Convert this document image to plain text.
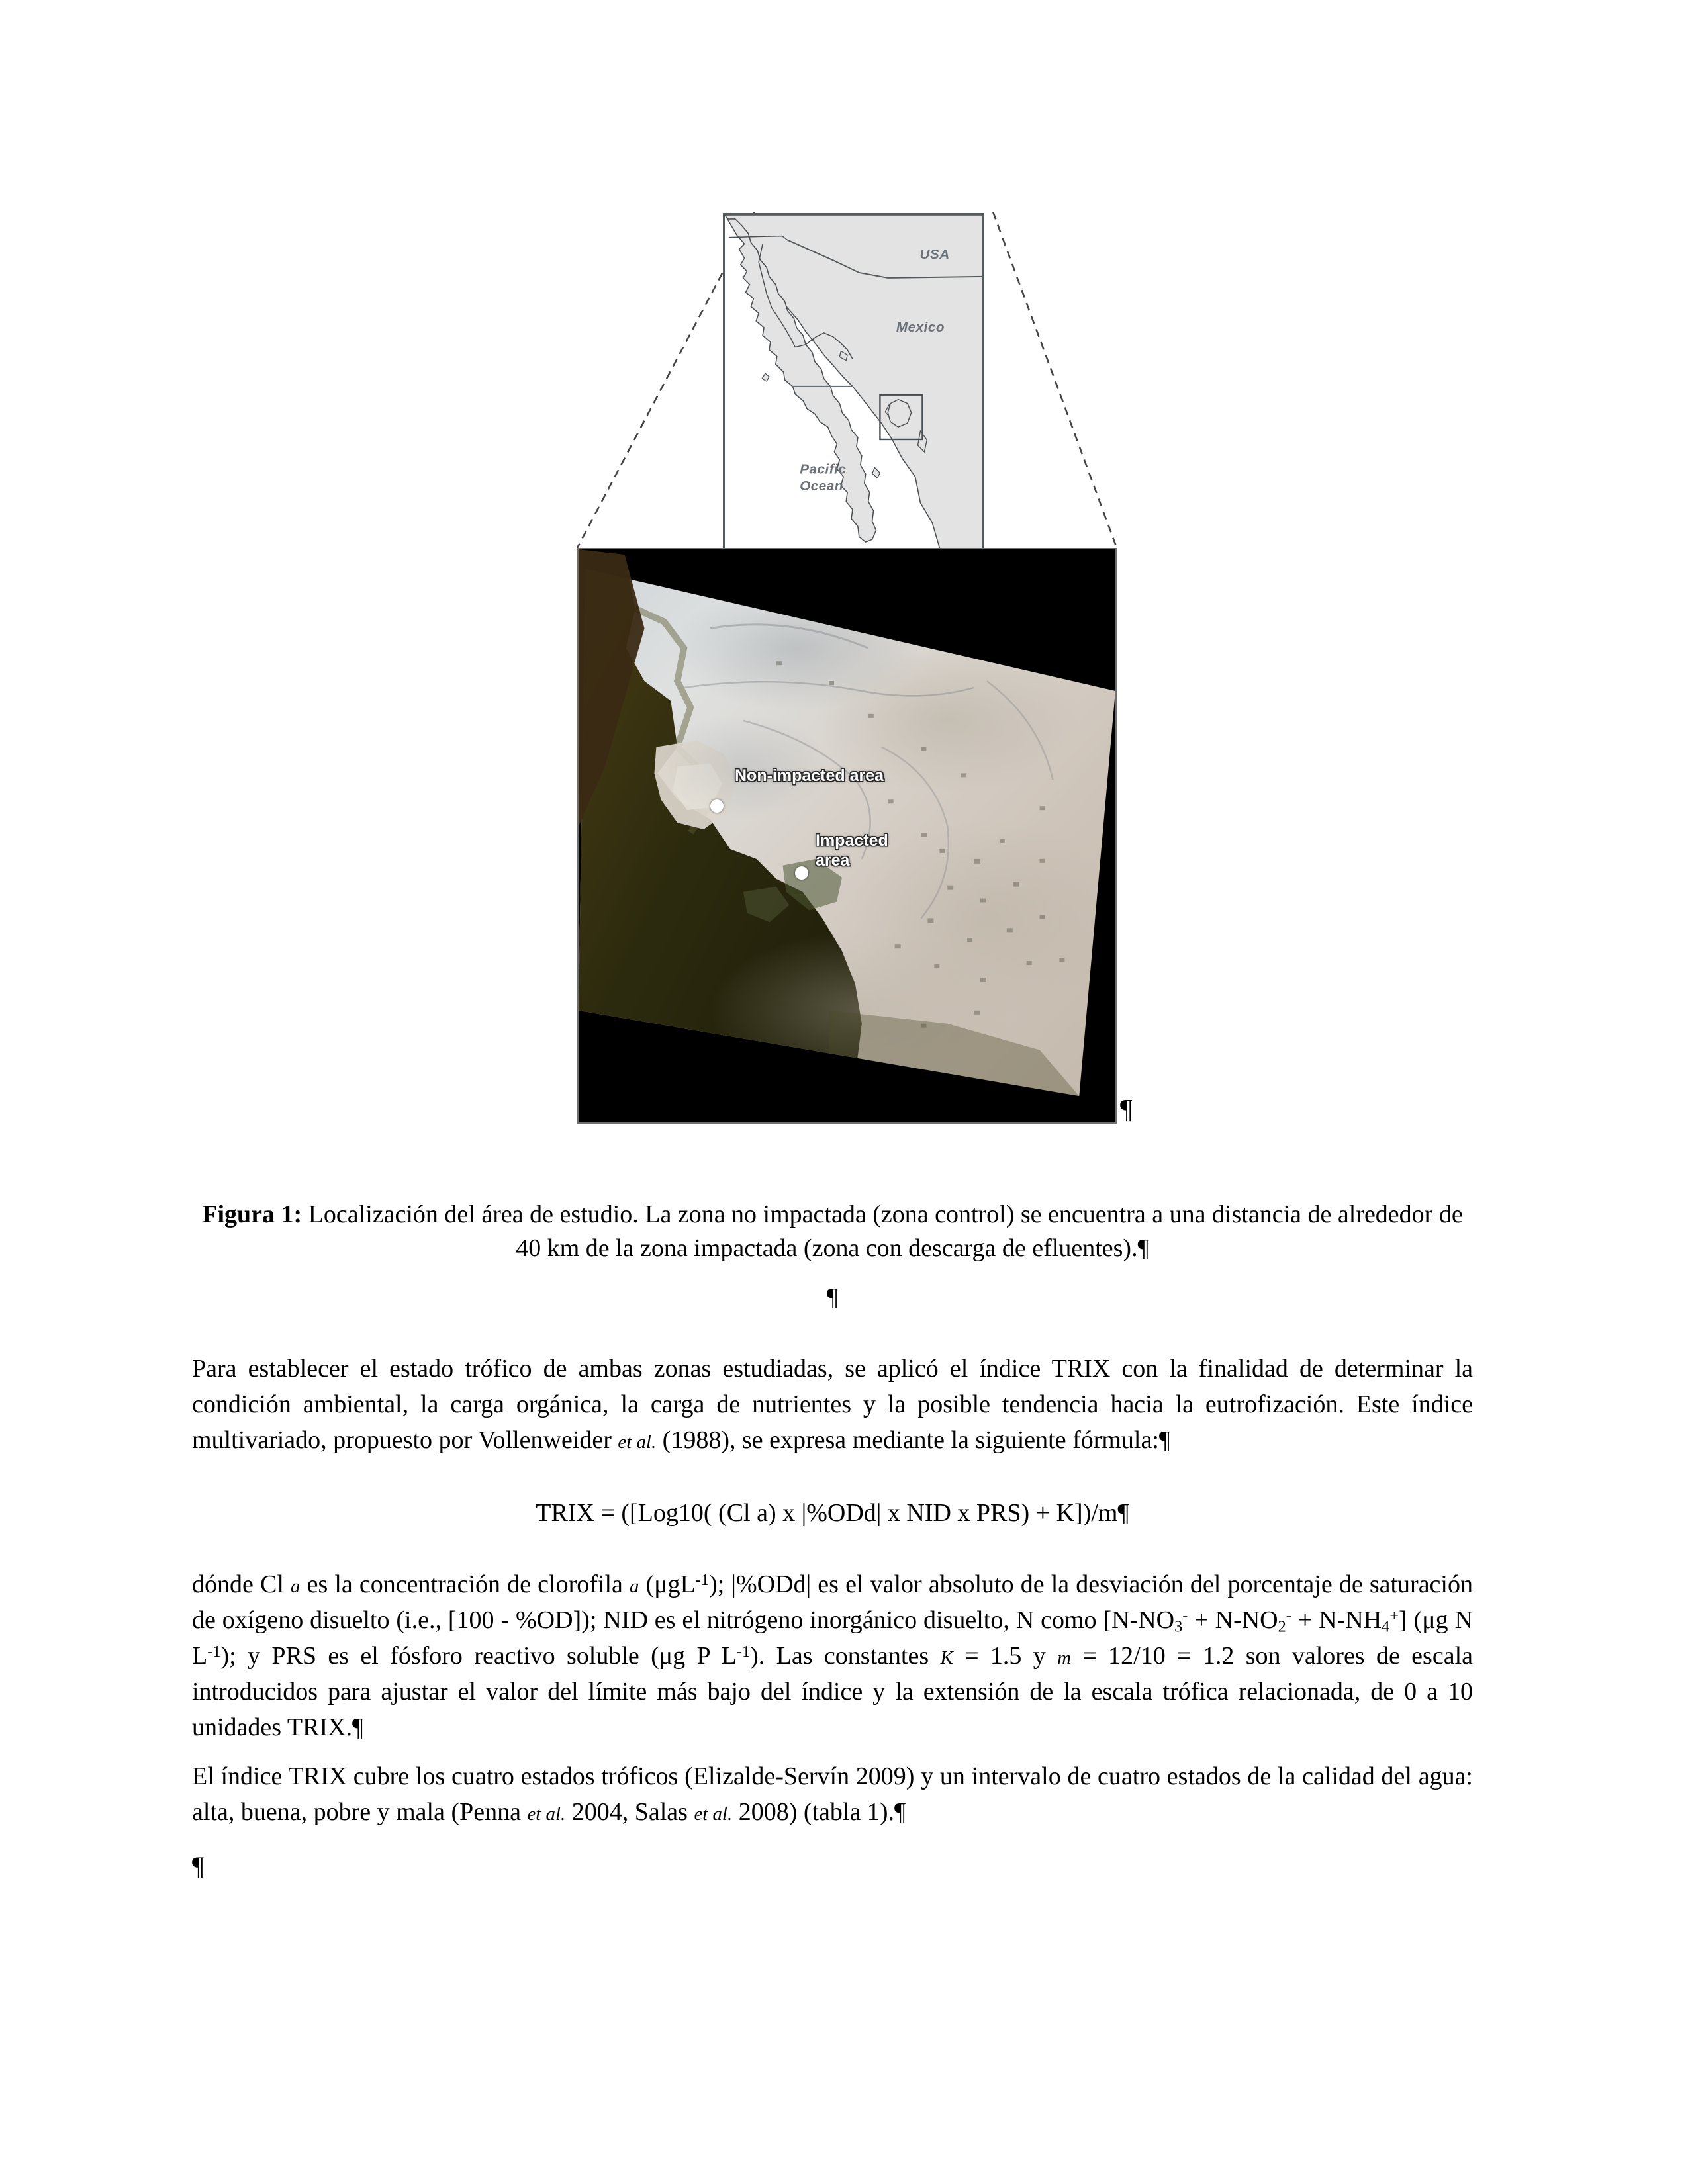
USA
Mexico
Pacific
Ocean
Non-impacted area
Impacted
area
¶
Figura 1: Localización del área de estudio. La zona no impactada (zona control) se encuentra a una distancia de alrededor de 40 km de la zona impactada (zona con descarga de efluentes).¶
¶
Para establecer el estado trófico de ambas zonas estudiadas, se aplicó el índice TRIX con la finalidad de determinar la condición ambiental, la carga orgánica, la carga de nutrientes y la posible tendencia hacia la eutrofización. Este índice multivariado, propuesto por Vollenweider et al. (1988), se expresa mediante la siguiente fórmula:¶
TRIX = ([Log10( (Cl a) x |%ODd| x NID x PRS) + K])/m¶
dónde Cl a es la concentración de clorofila a (μgL$^{-1}$); |%ODd| es el valor absoluto de la desviación del porcentaje de saturación de oxígeno disuelto (i.e., [100 - %OD]); NID es el nitrógeno inorgánico disuelto, N como $[N-NO_3^- + N-NO_2^- + N-NH_4^+]$ (μg N $L^{-1}$); y PRS es el fósforo reactivo soluble (μg P $L^{-1}$). Las constantes K = 1.5 y m = 12/10 = 1.2 son valores de escala introducidos para ajustar el valor del límite más bajo del índice y la extensión de la escala trófica relacionada, de 0 a 10 unidades TRIX.¶
El índice TRIX cubre los cuatro estados tróficos (Elizalde-Servín 2009) y un intervalo de cuatro estados de la calidad del agua: alta, buena, pobre y mala (Penna et al. 2004, Salas et al. 2008) (tabla 1).¶
¶
